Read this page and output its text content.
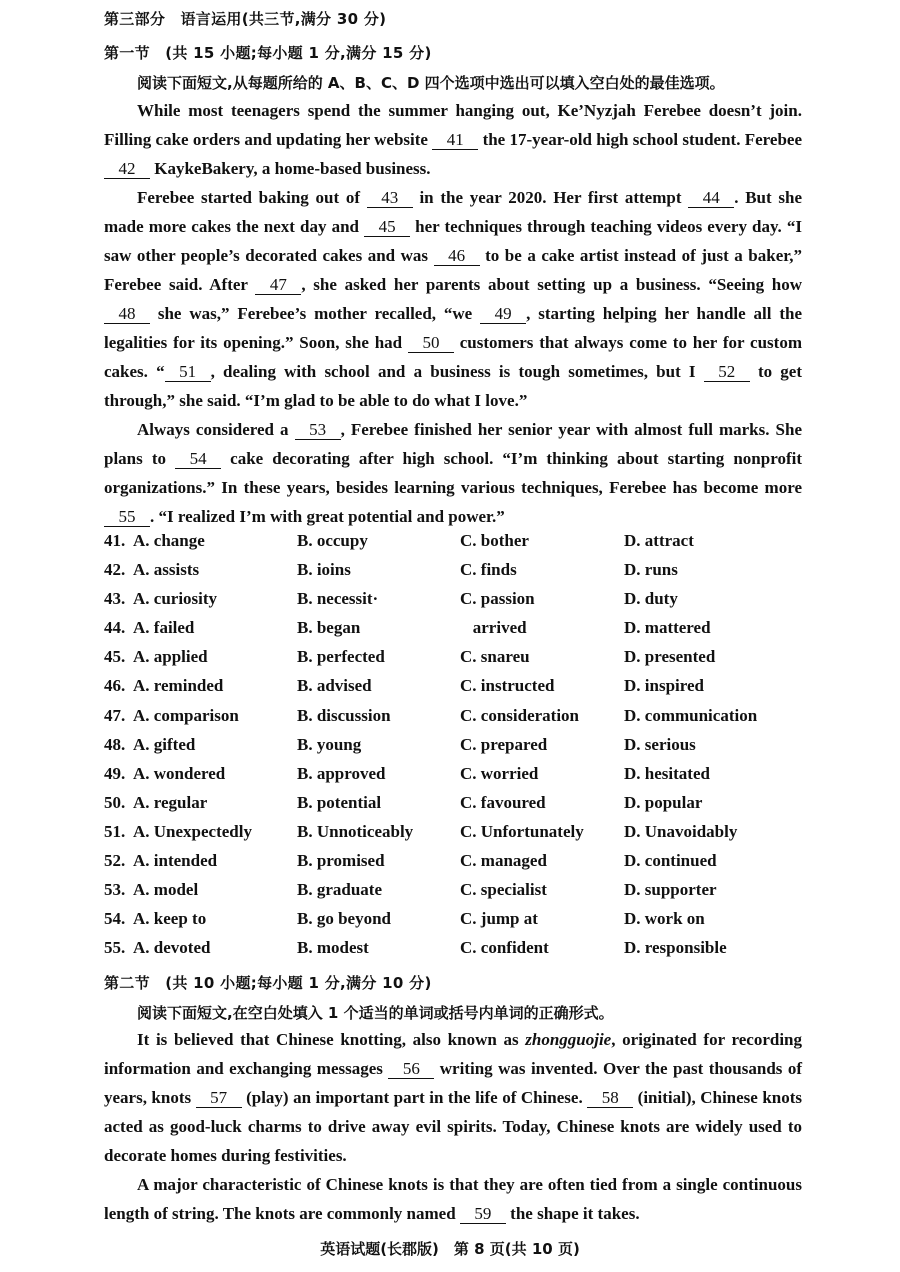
第三部分　语言运用(共三节,满分 30 分)
第一节　(共 15 小题;每小题 1 分,满分 15 分)
阅读下面短文,从每题所给的 A、B、C、D 四个选项中选出可以填入空白处的最佳选项。
While most teenagers spend the summer hanging out, Ke’Nyzjah Ferebee doesn’t join. Filling cake orders and updating her website 41 the 17-year-old high school student. Ferebee 42 KaykeBakery, a home-based business.
Ferebee started baking out of 43 in the year 2020. Her first attempt 44 . But she made more cakes the next day and 45 her techniques through teaching videos every day. “I saw other people’s decorated cakes and was 46 to be a cake artist instead of just a baker,” Ferebee said. After 47 , she asked her parents about setting up a business. “Seeing how 48 she was,” Ferebee’s mother recalled, “we 49 , starting helping her handle all the legalities for its opening.” Soon, she had 50 customers that always come to her for custom cakes. “ 51 , dealing with school and a business is tough sometimes, but I 52 to get through,” she said. “I’m glad to be able to do what I love.”
Always considered a 53 , Ferebee finished her senior year with almost full marks. She plans to 54 cake decorating after high school. “I’m thinking about starting nonprofit organizations.” In these years, besides learning various techniques, Ferebee has become more 55 . “I realized I’m with great potential and power.”
41. A. change	B. occupy	C. bother	D. attract
42. A. assists	B. ioins	C. finds	D. runs
43. A. curiosity	B. necessit·	C. passion	D. duty
44. A. failed	B. began	arrived	D. mattered
45. A. applied	B. perfected	C. snareu	D. presented
46. A. reminded	B. advised	C. instructed	D. inspired
47. A. comparison	B. discussion	C. consideration	D. communication
48. A. gifted	B. young	C. prepared	D. serious
49. A. wondered	B. approved	C. worried	D. hesitated
50. A. regular	B. potential	C. favoured	D. popular
51. A. Unexpectedly	B. Unnoticeably	C. Unfortunately D. Unavoidably
52. A. intended	B. promised	C. managed	D. continued
53. A. model	B. graduate	C. specialist	D. supporter
54. A. keep to	B. go beyond	C. jump at	D. work on
55. A. devoted	B. modest	C. confident	D. responsible
第二节　(共 10 小题;每小题 1 分,满分 10 分)
阅读下面短文,在空白处填入 1 个适当的单词或括号内单词的正确形式。
It is believed that Chinese knotting, also known as zhongguojie, originated for recording information and exchanging messages 56 writing was invented. Over the past thousands of years, knots 57 (play) an important part in the life of Chinese. 58 (initial), Chinese knots acted as good-luck charms to drive away evil spirits. Today, Chinese knots are widely used to decorate homes during festivities.
A major characteristic of Chinese knots is that they are often tied from a single continuous length of string. The knots are commonly named 59 the shape it takes.
英语试题(长郡版)　第 8 页(共 10 页)
